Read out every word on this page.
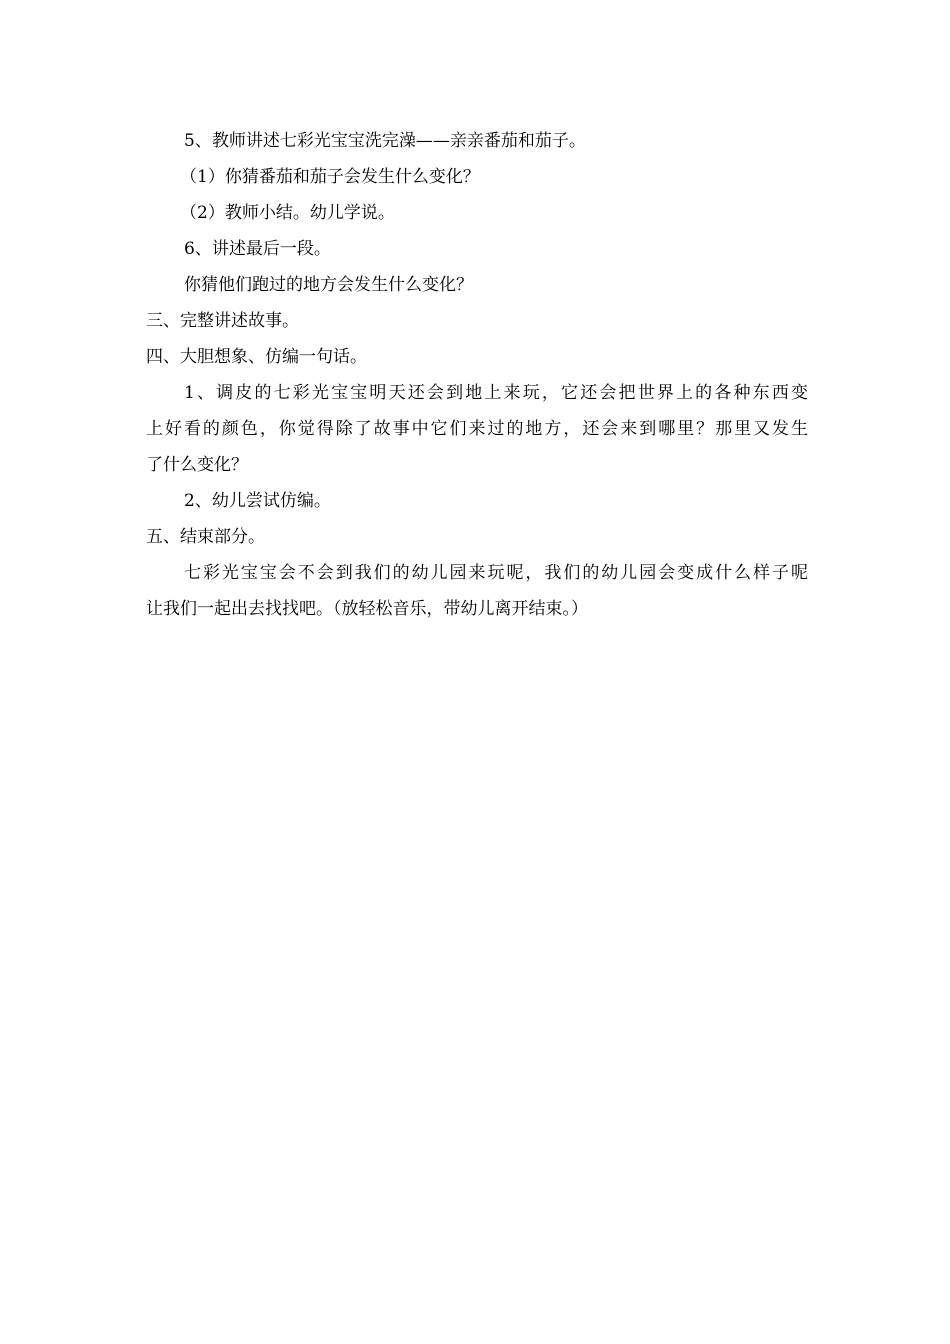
5、教师讲述七彩光宝宝洗完澡——亲亲番茄和茄子。
（1）你猜番茄和茄子会发生什么变化？
（2）教师小结。幼儿学说。
6、讲述最后一段。
你猜他们跑过的地方会发生什么变化？
三、完整讲述故事。
四、大胆想象、仿编一句话。
1、调皮的七彩光宝宝明天还会到地上来玩，它还会把世界上的各种东西变
上好看的颜色，你觉得除了故事中它们来过的地方，还会来到哪里？那里又发生
了什么变化？
2、幼儿尝试仿编。
五、结束部分。
七彩光宝宝会不会到我们的幼儿园来玩呢，我们的幼儿园会变成什么样子呢
让我们一起出去找找吧。（放轻松音乐，带幼儿离开结束。）
